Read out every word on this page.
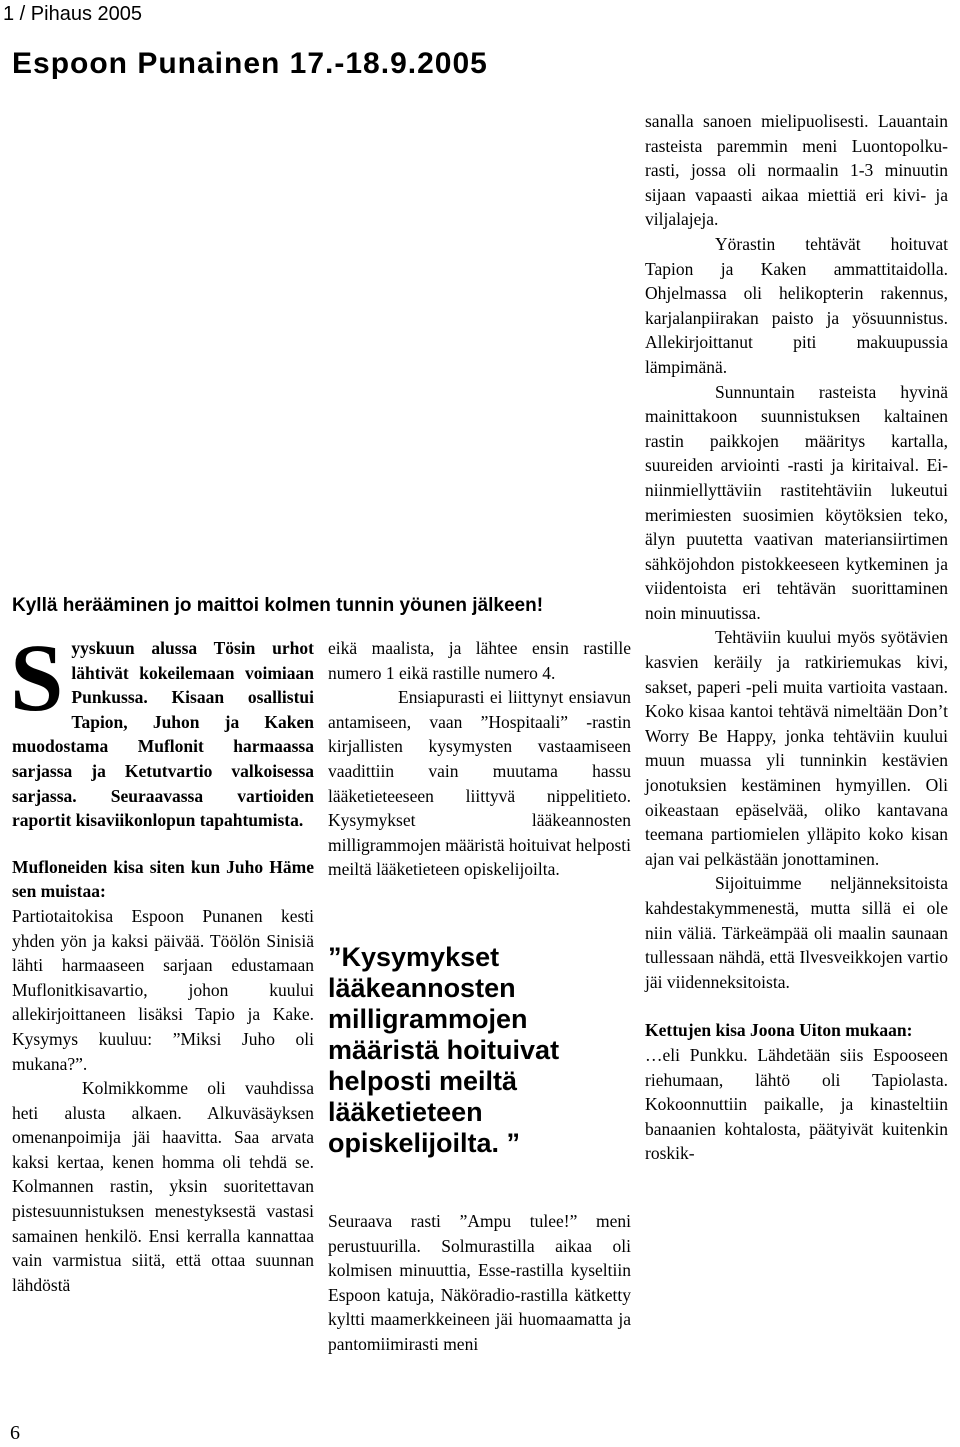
1 / Pihaus 2005
Espoon Punainen 17.-18.9.2005
Kyllä herääminen jo maittoi kolmen tunnin yöunen jälkeen!

Syyskuun alussa Tösin urhot lähtivät kokeilemaan voimiaan Punkussa. Kisaan osallistui Tapion, Juhon ja Kaken muodostama Muflonit harmaassa sarjassa ja Ketutvartio valkoisessa sarjassa. Seuraavassa vartioiden raportit kisaviikonlopun tapahtumista.

Mufloneiden kisa siten kun Juho Häme sen muistaa:

Partiotaitokisa Espoon Punanen kesti yhden yön ja kaksi päivää. Töölön Sinisiä lähti harmaaseen sarjaan edustamaan Muflonitkisavartio, johon kuului allekirjoittaneen lisäksi Tapio ja Kake. Kysymys kuuluu: ”Miksi Juho oli mukana?”.

Kolmikkomme oli vauhdissa heti alusta alkaen. Alkuväsäyksen omenanpoimija jäi haavitta. Saa arvata kaksi kertaa, kenen homma oli tehdä se. Kolmannen rastin, yksin suoritettavan pistesuunnistuksen menestyksestä vastasi samainen henkilö. Ensi kerralla kannattaa vain varmistua siitä, että ottaa suunnan lähdöstä

eikä maalista, ja lähtee ensin rastille numero 1 eikä rastille numero 4.

Ensiapurasti ei liittynyt ensiavun antamiseen, vaan ”Hospitaali” -rastin kirjallisten kysymysten vastaamiseen vaadittiin vain muutama hassu lääketieteeseen liittyvä nippelitieto. Kysymykset lääkeannosten milligrammojen määristä hoituivat helposti meiltä lääketieteen opiskelijoilta.

”Kysymykset lääkeannosten milligrammojen määristä hoituivat helposti meiltä lääketieteen opiskelijoilta. ”

Seuraava rasti ”Ampu tulee!” meni perustuurilla. Solmurastilla aikaa oli kolmisen minuuttia, Esse-rastilla kyseltiin Espoon katuja, Näköradio-rastilla kätketty kyltti maamerkkeineen jäi huomaamatta ja pantomiimirasti meni

sanalla sanoen mielipuolisesti. Lauantain rasteista paremmin meni Luontopolku-rasti, jossa oli normaalin 1-3 minuutin sijaan vapaasti aikaa miettiä eri kivi- ja viljalajeja.

Yörastin tehtävät hoituvat Tapion ja Kaken ammattitaidolla. Ohjelmassa oli helikopterin rakennus, karjalanpiirakan paisto ja yösuunnistus. Allekirjoittanut piti makuupussia lämpimänä.

Sunnuntain rasteista hyvinä mainittakoon suunnistuksen kaltainen rastin paikkojen määritys kartalla, suureiden arviointi -rasti ja kiritaival. Ei-niinmiellyttäviin rastitehtäviin lukeutui merimiesten suosimien köytöksien teko, älyn puutetta vaativan materiansiirtimen sähköjohdon pistokkeeseen kytkeminen ja viidentoista eri tehtävän suorittaminen noin minuutissa.

Tehtäviin kuului myös syötävien kasvien keräily ja ratkiriemukas kivi, sakset, paperi -peli muita vartioita vastaan. Koko kisaa kantoi tehtävä nimeltään Don’t Worry Be Happy, jonka tehtäviin kuului muun muassa yli tunninkin kestävien jonotuksien kestäminen hymyillen. Oli oikeastaan epäselvää, oliko kantavana teemana partiomielen ylläpito koko kisan ajan vai pelkästään jonottaminen.

Sijoituimme neljänneksitoista kahdestakymmenestä, mutta sillä ei ole niin väliä. Tärkeämpää oli maalin saunaan tullessaan nähdä, että Ilvesveikkojen vartio jäi viidenneksitoista.

Kettujen kisa Joona Uiton mukaan:

…eli Punkku. Lähdetään siis Espooseen riehumaan, lähtö oli Tapiolasta. Kokoonnuttiin paikalle, ja kinasteltiin banaanien kohtalosta, päätyivät kuitenkin roskik-

6
